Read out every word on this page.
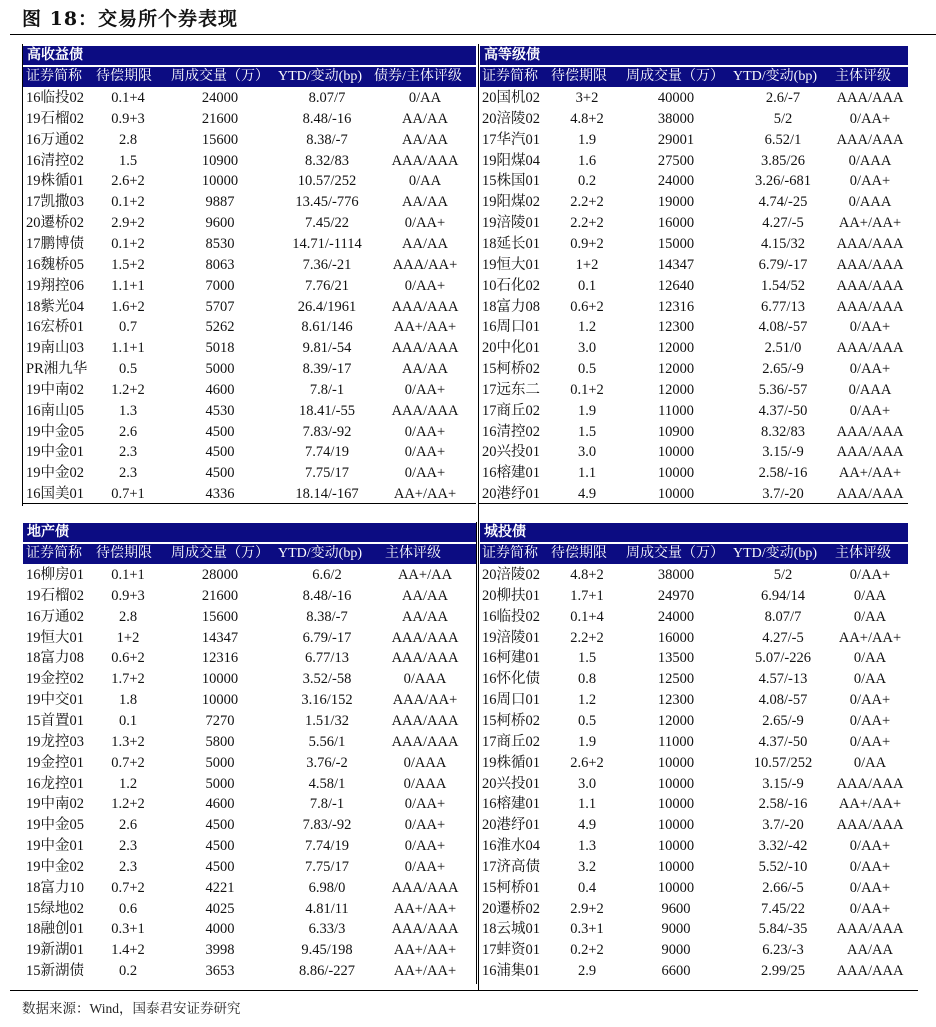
图 18：交易所个券表现
高收益债
证券简称 待偿期限 周成交量（万） YTD/变动(bp) 债券/主体评级
16临投02	0.1+4	24000	8.07/7	0/AA
19石榴02	0.9+3	21600	8.48/-16	AA/AA
16万通02	2.8	15600	8.38/-7	AA/AA
16清控02	1.5	10900	8.32/83	AAA/AAA
19株循01	2.6+2	10000	10.57/252	0/AA
17凯撒03	0.1+2	9887	13.45/-776	AA/AA
20遷桥02	2.9+2	9600	7.45/22	0/AA+
17鹏博债	0.1+2	8530	14.71/-1114	AA/AA
16魏桥05	1.5+2	8063	7.36/-21	AAA/AA+
19翔控06	1.1+1	7000	7.76/21	0/AA+
18紫光04	1.6+2	5707	26.4/1961	AAA/AAA
16宏桥01	0.7	5262	8.61/146	AA+/AA+
19南山03	1.1+1	5018	9.81/-54	AAA/AAA
PR湘九华	0.5	5000	8.39/-17	AA/AA
19中南02	1.2+2	4600	7.8/-1	0/AA+
16南山05	1.3	4530	18.41/-55	AAA/AAA
19中金05	2.6	4500	7.83/-92	0/AA+
19中金01	2.3	4500	7.74/19	0/AA+
19中金02	2.3	4500	7.75/17	0/AA+
16国美01	0.7+1	4336	18.14/-167	AA+/AA+
高等级债
证券简称 待偿期限 周成交量（万） YTD/变动(bp) 主体评级
20国机02	3+2	40000	2.6/-7	AAA/AAA
20涪陵02	4.8+2	38000	5/2	0/AA+
17华汽01	1.9	29001	6.52/1	AAA/AAA
19阳煤04	1.6	27500	3.85/26	0/AAA
15株国01	0.2	24000	3.26/-681	0/AA+
19阳煤02	2.2+2	19000	4.74/-25	0/AAA
19涪陵01	2.2+2	16000	4.27/-5	AA+/AA+
18延长01	0.9+2	15000	4.15/32	AAA/AAA
19恒大01	1+2	14347	6.79/-17	AAA/AAA
10石化02	0.1	12640	1.54/52	AAA/AAA
18富力08	0.6+2	12316	6.77/13	AAA/AAA
16周口01	1.2	12300	4.08/-57	0/AA+
20中化01	3.0	12000	2.51/0	AAA/AAA
15柯桥02	0.5	12000	2.65/-9	0/AA+
17远东二	0.1+2	12000	5.36/-57	0/AAA
17商丘02	1.9	11000	4.37/-50	0/AA+
16清控02	1.5	10900	8.32/83	AAA/AAA
20兴投01	3.0	10000	3.15/-9	AAA/AAA
16榕建01	1.1	10000	2.58/-16	AA+/AA+
20港纾01	4.9	10000	3.7/-20	AAA/AAA
地产债
证券简称 待偿期限 周成交量（万） YTD/变动(bp) 主体评级
16柳房01	0.1+1	28000	6.6/2	AA+/AA
19石榴02	0.9+3	21600	8.48/-16	AA/AA
16万通02	2.8	15600	8.38/-7	AA/AA
19恒大01	1+2	14347	6.79/-17	AAA/AAA
18富力08	0.6+2	12316	6.77/13	AAA/AAA
19金控02	1.7+2	10000	3.52/-58	0/AAA
19中交01	1.8	10000	3.16/152	AAA/AA+
15首置01	0.1	7270	1.51/32	AAA/AAA
19龙控03	1.3+2	5800	5.56/1	AAA/AAA
19金控01	0.7+2	5000	3.76/-2	0/AAA
16龙控01	1.2	5000	4.58/1	0/AAA
19中南02	1.2+2	4600	7.8/-1	0/AA+
19中金05	2.6	4500	7.83/-92	0/AA+
19中金01	2.3	4500	7.74/19	0/AA+
19中金02	2.3	4500	7.75/17	0/AA+
18富力10	0.7+2	4221	6.98/0	AAA/AAA
15绿地02	0.6	4025	4.81/11	AA+/AA+
18融创01	0.3+1	4000	6.33/3	AAA/AAA
19新湖01	1.4+2	3998	9.45/198	AA+/AA+
15新湖债	0.2	3653	8.86/-227	AA+/AA+
城投债
证券简称 待偿期限 周成交量（万） YTD/变动(bp) 主体评级
20涪陵02	4.8+2	38000	5/2	0/AA+
20柳扶01	1.7+1	24970	6.94/14	0/AA
16临投02	0.1+4	24000	8.07/7	0/AA
19涪陵01	2.2+2	16000	4.27/-5	AA+/AA+
16柯建01	1.5	13500	5.07/-226	0/AA
16怀化债	0.8	12500	4.57/-13	0/AA
16周口01	1.2	12300	4.08/-57	0/AA+
15柯桥02	0.5	12000	2.65/-9	0/AA+
17商丘02	1.9	11000	4.37/-50	0/AA+
19株循01	2.6+2	10000	10.57/252	0/AA
20兴投01	3.0	10000	3.15/-9	AAA/AAA
16榕建01	1.1	10000	2.58/-16	AA+/AA+
20港纾01	4.9	10000	3.7/-20	AAA/AAA
16淮水04	1.3	10000	3.32/-42	0/AA+
17济高债	3.2	10000	5.52/-10	0/AA+
15柯桥01	0.4	10000	2.66/-5	0/AA+
20遷桥02	2.9+2	9600	7.45/22	0/AA+
18云城01	0.3+1	9000	5.84/-35	AAA/AAA
17蚌资01	0.2+2	9000	6.23/-3	AA/AA
16浦集01	2.9	6600	2.99/25	AAA/AAA
数据来源：Wind，国泰君安证券研究
